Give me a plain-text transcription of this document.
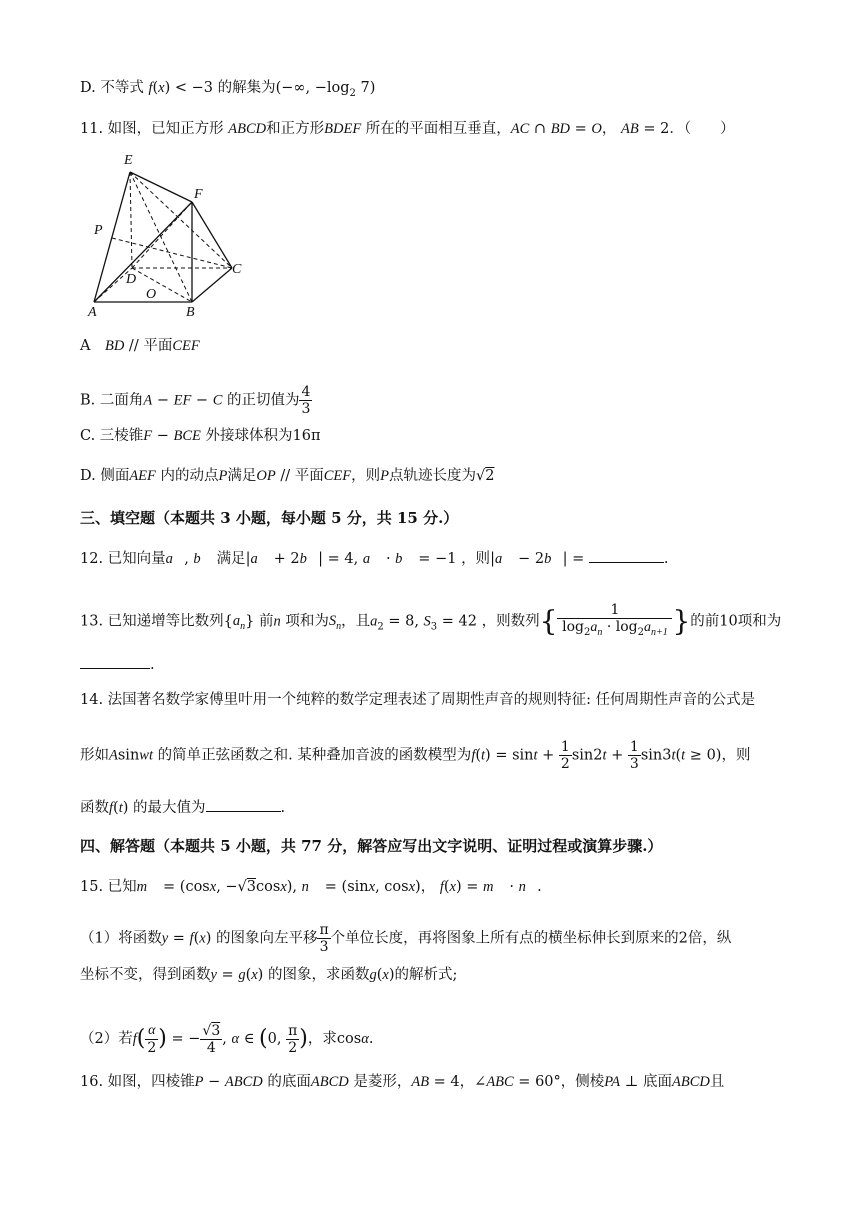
D. 不等式 f(x) < −3 的解集为(−∞, $-\log_2$ 7)
11. 如图，已知正方形 ABCD和正方形BDEF 所在的平面相互垂直，AC ∩ BD = O， AB = 2．（　　）
E
F
P
D
O
C
A	B
A　 BD // 平面CEF
B. 二面角A − EF − C 的正切值为 $\frac{4}{3}$
C. 三棱锥F − BCE 外接球体积为16π
D. 侧面AEF 内的动点P满足OP // 平面CEF，则P点轨迹长度为√2
三、填空题（本题共 3 小题，每小题 5 分，共 15 分.）
12. 已知向量a⃗, b⃗ 满足|a⃗ + 2b⃗| = 4, a⃗ · b⃗ = −1 ，则|a⃗ − 2b⃗| =	.
13. 已知递增等比数列$\{a_n\}$ 前n 项和为$S_n$，且$a_2 = 8$, $S_3 = 42$ ，则数列{ $\frac{1}{\log_2a_n \cdot \log_2a_{n+1}}$ }的前10项和为
.
14. 法国著名数学家傅里叶用一个纯粹的数学定理表述了周期性声音的规则特征: 任何周期性声音的公式是
形如Asinwt 的简单正弦函数之和. 某种叠加音波的函数模型为$f(t) = \sin t + \frac{1}{2} \sin 2t + \frac{1}{3} \sin 3t(t \ge 0)$，则
函数f(t) 的最大值为	.
四、解答题（本题共 5 小题，共 77 分，解答应写出文字说明、证明过程或演算步骤.）
15. 已知m⃗ = (cosx, −√3cosx), n⃗ = (sinx, cosx)， f(x) = m⃗ · n⃗.
（1）将函数y = f(x) 的图象向左平移 $\frac{\pi}{3}$ 个单位长度，再将图象上所有点的横坐标伸长到原来的2倍，纵
坐标不变，得到函数y = g(x) 的图象，求函数g(x)的解析式;
（2）若$f( \frac{\alpha}{2}$ ) = − $\frac{√3}{4}$ , α ∈ (0, $\frac{\pi}{2}$ )，求cosα.
16. 如图，四棱锥P − ABCD 的底面ABCD 是菱形，AB = 4，∠ABC = 60°，侧棱PA ⊥ 底面ABCD且
